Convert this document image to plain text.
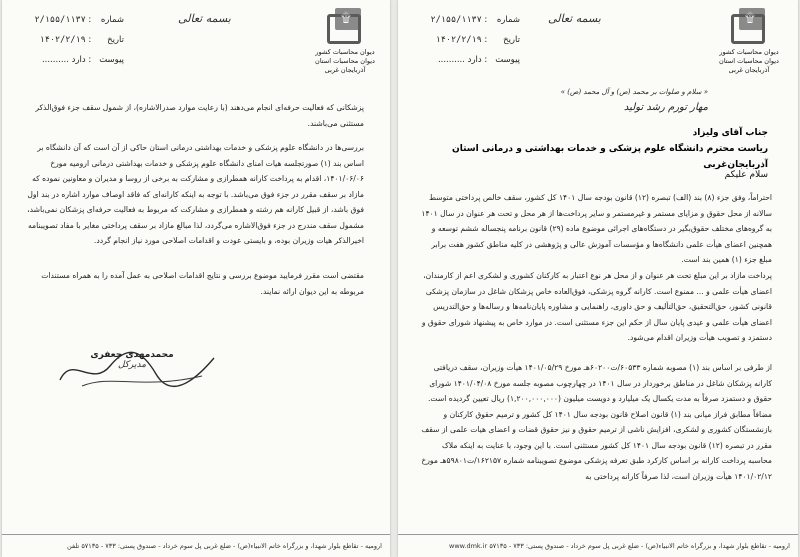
شماره : ۲/۱۵۵/۱۱۳۷
تاریخ : ۱۴۰۲/۲/۱۹
پیوست : دارد ..........
بسمه تعالی	۩
دیوان محاسبات کشور
دیوان محاسبات استان آذربایجان غربی
پزشکانی که فعالیت حرفه‌ای انجام می‌دهند (با رعایت موارد صدرالاشاره)، از شمول سقف جزء فوق‌الذکر مستثنی می‌باشند.
بررسی‌ها در دانشگاه علوم پزشکی و خدمات بهداشتی درمانی استان حاکی از آن است که آن دانشگاه بر اساس بند (۱) صورتجلسه هیات امنای دانشگاه علوم پزشکی و خدمات بهداشتی درمانی ارومیه مورخ ۱۴۰۱/۰۶/۰۶، اقدام به پرداخت کارانه همطرازی و مشارکت به برخی از روسا و مدیران و معاونین نموده که مازاد بر سقف مقرر در جزء فوق می‌باشد. با توجه به اینکه کارانه‌ای که فاقد اوصاف موارد اشاره در بند اول فوق باشد، از قبیل کارانه هم رشته و همطرازی و مشارکت که مربوط به فعالیت حرفه‌ای پزشکان نمی‌باشد، مشمول سقف مندرج در جزء فوق‌الاشاره می‌گردد، لذا مبالغ مازاد بر سقف پرداختی مغایر با مفاد تصویبنامه اخیرالذکر هیات وزیران بوده، و بایستی عودت و اقدامات اصلاحی مورد نیاز انجام گردد.
مقتضی است مقرر فرمایید موضوع بررسی و نتایج اقدامات اصلاحی به عمل آمده را به همراه مستندات مربوطه به این دیوان ارائه نمایند.
محمدمهدی جعفری
مدیرکل
ارومیه - تقاطع بلوار شهدا، و بزرگراه خاتم الانبیاء(ص) - ضلع غربی پل سوم خرداد - صندوق پستی: ۷۳۳ - ۵۷۱۳۵ تلفن
شماره : ۲/۱۵۵/۱۱۳۷
تاریخ : ۱۴۰۲/۲/۱۹
پیوست : دارد ..........
بسمه تعالی	۩
دیوان محاسبات کشور
دیوان محاسبات استان آذربایجان غربی
« سلام و صلوات بر محمد (ص) و آل محمد (ص) »
مهار تورم رشد تولید
جناب آقای ولیزاد
ریاست محترم دانشگاه علوم پزشکی و خدمات بهداشتی و درمانی استان آذربایجان‌غربی
سلام علیکم
احتراماً، وفق جزء (۸) بند (الف) تبصره (۱۲) قانون بودجه سال ۱۴۰۱ کل کشور، سقف خالص پرداختی متوسط سالانه از محل حقوق و مزایای مستمر و غیرمستمر و سایر پرداخت‌ها از هر محل و تحت هر عنوان در سال ۱۴۰۱ به گروه‌های مختلف حقوق‌بگیر در دستگاه‌های اجرائی موضوع ماده (۲۹) قانون برنامه پنجساله ششم توسعه و همچنین اعضای هیأت علمی دانشگاه‌ها و مؤسسات آموزش عالی و پژوهشی در کلیه مناطق کشور هفت برابر مبلغ جزء (۱) همین بند است.
پرداخت مازاد بر این مبلغ تحت هر عنوان و از محل هر نوع اعتبار به کارکنان کشوری و لشکری اعم از کارمندان، اعضای هیأت علمی و ... ممنوع است. کارانه گروه پزشکی، فوق‌العاده خاص پزشکان شاغل در سازمان پزشکی قانونی کشور، حق‌التحقیق، حق‌التألیف و حق داوری، راهنمایی و مشاوره پایان‌نامه‌ها و رساله‌ها و حق‌التدریس اعضای هیأت علمی و عیدی پایان سال از حکم این جزء مستثنی است. در موارد خاص به پیشنهاد شورای حقوق و دستمزد و تصویب هیأت وزیران اقدام می‌شود.
از طرفی بر اساس بند (۱) مصوبه شماره ۶۰۵۳۳/ت۶۰۲۰۰هـ مورخ ۱۴۰۱/۰۵/۲۹ هیأت وزیران، سقف دریافتی کارانه پزشکان شاغل در مناطق برخوردار در سال ۱۴۰۱ در چهارچوب مصوبه جلسه مورخ ۱۴۰۱/۰۴/۰۸ شورای حقوق و دستمزد صرفاً به مدت یکسال یک میلیارد و دویست میلیون (۱,۲۰۰,۰۰۰,۰۰۰) ریال تعیین گردیده است. مضافاً مطابق فراز میانی بند (۱) قانون اصلاح قانون بودجه سال ۱۴۰۱ کل کشور و ترمیم حقوق کارکنان و بازنشستگان کشوری و لشکری، افزایش ناشی از ترمیم حقوق و نیز حقوق قضات و اعضای هیات علمی از سقف مقرر در تبصره (۱۲) قانون بودجه سال ۱۴۰۱ کل کشور مستثنی است. با این وجود، با عنایت به اینکه ملاک محاسبه پرداخت کارانه بر اساس کارکرد طبق تعرفه پزشکی موضوع تصویبنامه شماره ۱۶۲۱۵۷/ت۵۹۸۰۱هـ مورخ ۱۴۰۱/۰۲/۱۲ هیأت وزیران است، لذا صرفاً کارانه پرداختی به
ارومیه - تقاطع بلوار شهدا، و بزرگراه خاتم الانبیاء(ص) - ضلع غربی پل سوم خرداد - صندوق پستی: ۷۳۳ - ۵۷۱۳۵ www.dmk.ir
